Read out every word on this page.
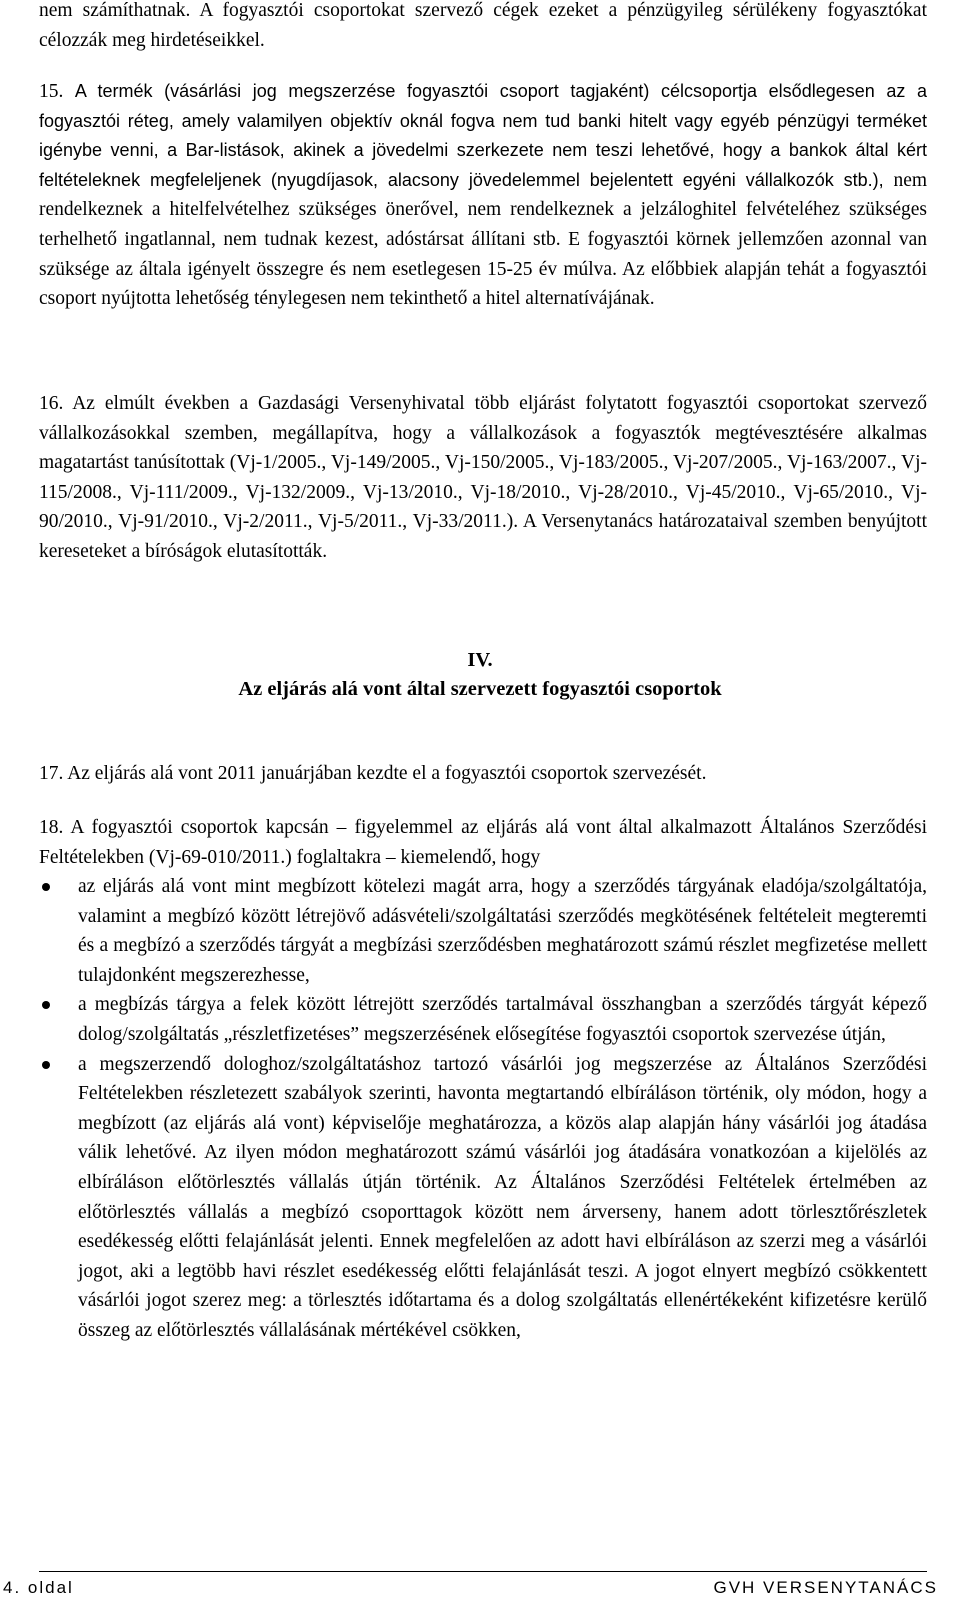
nem számíthatnak. A fogyasztói csoportokat szervező cégek ezeket a pénzügyileg sérülékeny fogyasztókat célozzák meg hirdetéseikkel.
15. A termék (vásárlási jog megszerzése fogyasztói csoport tagjaként) célcsoportja elsődlegesen az a fogyasztói réteg, amely valamilyen objektív oknál fogva nem tud banki hitelt vagy egyéb pénzügyi terméket igénybe venni, a Bar-listások, akinek a jövedelmi szerkezete nem teszi lehetővé, hogy a bankok által kért feltételeknek megfeleljenek (nyugdíjasok, alacsony jövedelemmel bejelentett egyéni vállalkozók stb.), nem rendelkeznek a hitelfelvételhez szükséges önerővel, nem rendelkeznek a jelzáloghitel felvételéhez szükséges terhelhető ingatlannal, nem tudnak kezest, adóstársat állítani stb. E fogyasztói körnek jellemzően azonnal van szüksége az általa igényelt összegre és nem esetlegesen 15-25 év múlva. Az előbbiek alapján tehát a fogyasztói csoport nyújtotta lehetőség ténylegesen nem tekinthető a hitel alternatívájának.
16. Az elmúlt években a Gazdasági Versenyhivatal több eljárást folytatott fogyasztói csoportokat szervező vállalkozásokkal szemben, megállapítva, hogy a vállalkozások a fogyasztók megtévesztésére alkalmas magatartást tanúsítottak (Vj-1/2005., Vj-149/2005., Vj-150/2005., Vj-183/2005., Vj-207/2005., Vj-163/2007., Vj-115/2008., Vj-111/2009., Vj-132/2009., Vj-13/2010., Vj-18/2010., Vj-28/2010., Vj-45/2010., Vj-65/2010., Vj-90/2010., Vj-91/2010., Vj-2/2011., Vj-5/2011., Vj-33/2011.). A Versenytanács határozataival szemben benyújtott kereseteket a bíróságok elutasították.
IV.
Az eljárás alá vont által szervezett fogyasztói csoportok
17. Az eljárás alá vont 2011 januárjában kezdte el a fogyasztói csoportok szervezését.
18. A fogyasztói csoportok kapcsán – figyelemmel az eljárás alá vont által alkalmazott Általános Szerződési Feltételekben (Vj-69-010/2011.) foglaltakra – kiemelendő, hogy
az eljárás alá vont mint megbízott kötelezi magát arra, hogy a szerződés tárgyának eladója/szolgáltatója, valamint a megbízó között létrejövő adásvételi/szolgáltatási szerződés megkötésének feltételeit megteremti és a megbízó a szerződés tárgyát a megbízási szerződésben meghatározott számú részlet megfizetése mellett tulajdonként megszerezhesse,
a megbízás tárgya a felek között létrejött szerződés tartalmával összhangban a szerződés tárgyát képező dolog/szolgáltatás „részletfizetéses” megszerzésének elősegítése fogyasztói csoportok szervezése útján,
a megszerzendő dologhoz/szolgáltatáshoz tartozó vásárlói jog megszerzése az Általános Szerződési Feltételekben részletezett szabályok szerinti, havonta megtartandó elbíráláson történik, oly módon, hogy a megbízott (az eljárás alá vont) képviselője meghatározza, a közös alap alapján hány vásárlói jog átadása válik lehetővé. Az ilyen módon meghatározott számú vásárlói jog átadására vonatkozóan a kijelölés az elbíráláson előtörlesztés vállalás útján történik. Az Általános Szerződési Feltételek értelmében az előtörlesztés vállalás a megbízó csoporttagok között nem árverseny, hanem adott törlesztőrészletek esedékesség előtti felajánlását jelenti. Ennek megfelelően az adott havi elbíráláson az szerzi meg a vásárlói jogot, aki a legtöbb havi részlet esedékesség előtti felajánlását teszi. A jogot elnyert megbízó csökkentett vásárlói jogot szerez meg: a törlesztés időtartama és a dolog szolgáltatás ellenértékeként kifizetésre kerülő összeg az előtörlesztés vállalásának mértékével csökken,
4. oldal	GVH VERSENYTANÁCS
